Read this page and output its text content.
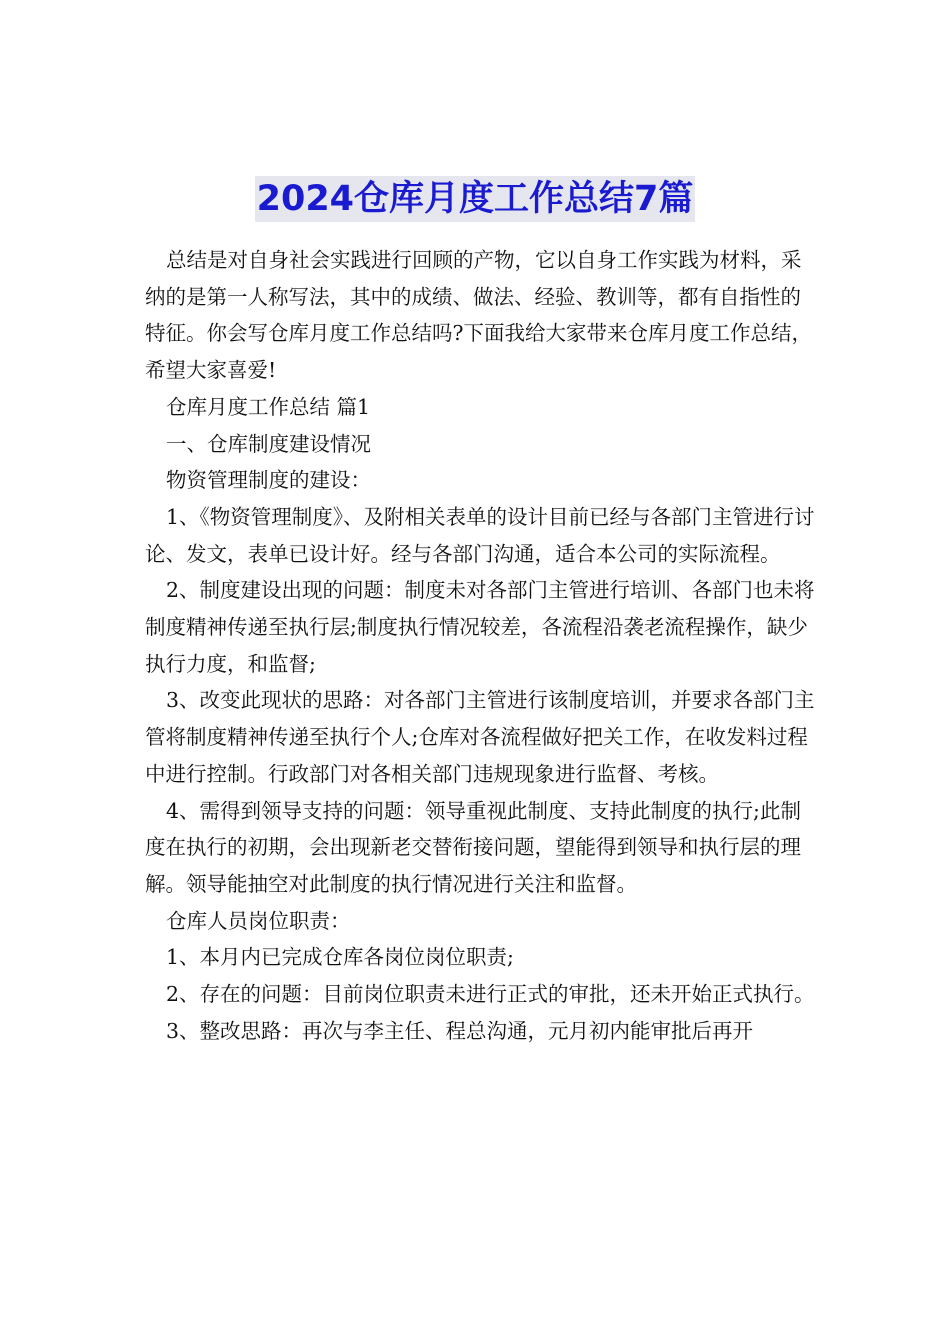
2024仓库月度工作总结7篇

总结是对自身社会实践进行回顾的产物，它以自身工作实践为材料，采纳的是第一人称写法，其中的成绩、做法、经验、教训等，都有自指性的特征。你会写仓库月度工作总结吗?下面我给大家带来仓库月度工作总结，希望大家喜爱!

仓库月度工作总结 篇1

一、仓库制度建设情况

物资管理制度的建设：

1、《物资管理制度》、及附相关表单的设计目前已经与各部门主管进行讨论、发文，表单已设计好。经与各部门沟通，适合本公司的实际流程。

2、制度建设出现的问题：制度未对各部门主管进行培训、各部门也未将制度精神传递至执行层;制度执行情况较差，各流程沿袭老流程操作，缺少执行力度，和监督;

3、改变此现状的思路：对各部门主管进行该制度培训，并要求各部门主管将制度精神传递至执行个人;仓库对各流程做好把关工作，在收发料过程中进行控制。行政部门对各相关部门违规现象进行监督、考核。

4、需得到领导支持的问题：领导重视此制度、支持此制度的执行;此制度在执行的初期，会出现新老交替衔接问题，望能得到领导和执行层的理解。领导能抽空对此制度的执行情况进行关注和监督。

仓库人员岗位职责：

1、本月内已完成仓库各岗位岗位职责;

2、存在的问题：目前岗位职责未进行正式的审批，还未开始正式执行。

3、整改思路：再次与李主任、程总沟通，元月初内能审批后再开
